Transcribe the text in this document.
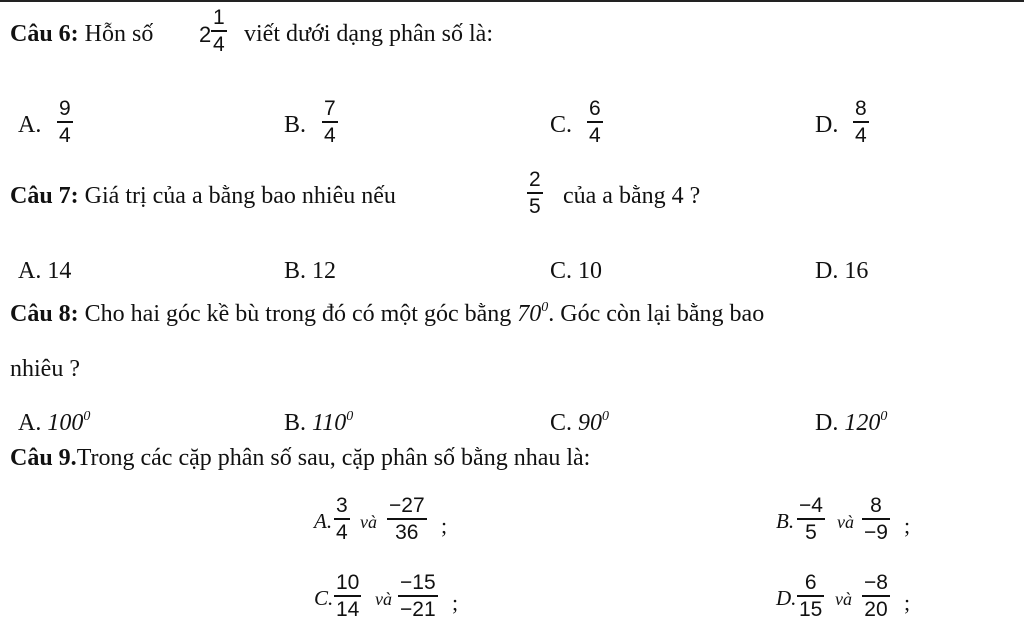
Câu 6: Hỗn số 2
1
4 viết dưới dạng phân số là:
A.
9
4	B.
7
4	C.
6
4	D.
8
4
Câu 7: Giá trị của a bằng bao nhiêu nếu
2
5 của a bằng 4 ?
A. 14	B. 12	C. 10	D. 16
Câu 8: Cho hai góc kề bù trong đó có một góc bằng $70^0$. Góc còn lại bằng bao
nhiêu ?
A. $100^0$	B. $110^0$	C. $90^0$	D. $120^0$
Câu 9.Trong các cặp phân số sau, cặp phân số bằng nhau là:
A.
3
4 và
−27
36	;	B.
−4
5	và
8
−9 ;
C.
10
14 và
−15
−21 ;	D.
6
15 và
−8
20 ;
